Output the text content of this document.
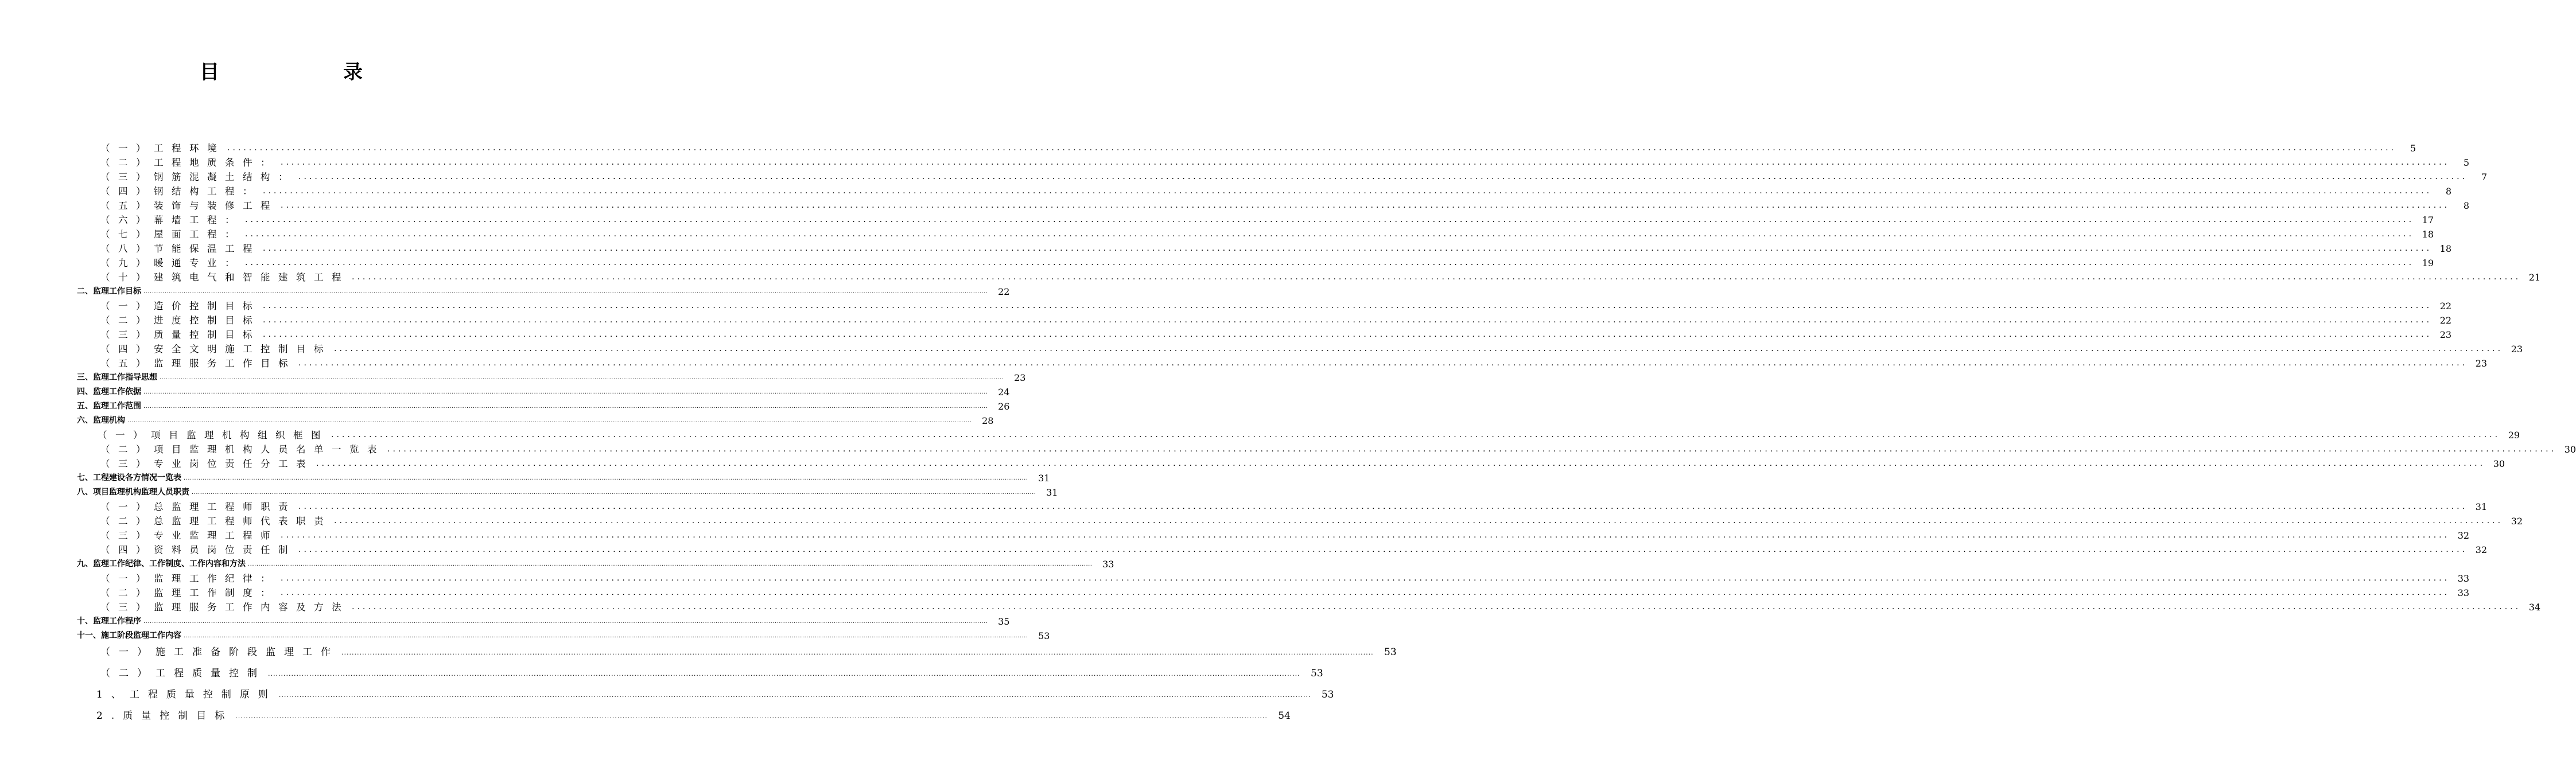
目	录
（一）工程环境 ................................................................................................................................................................................................................................................................................................................................................................................................................	5
（二）工程地质条件： ................................................................................................................................................................................................................................................................................................................................................................................................................	5
（三）钢筋混凝土结构： ................................................................................................................................................................................................................................................................................................................................................................................................................	7
（四）钢结构工程： ................................................................................................................................................................................................................................................................................................................................................................................................................	8
（五）装饰与装修工程 ................................................................................................................................................................................................................................................................................................................................................................................................................	8
（六）幕墙工程： ................................................................................................................................................................................................................................................................................................................................................................................................................ 17
（七）屋面工程： ................................................................................................................................................................................................................................................................................................................................................................................................................ 18
（八）节能保温工程 ................................................................................................................................................................................................................................................................................................................................................................................................................ 18
（九）暖通专业： ................................................................................................................................................................................................................................................................................................................................................................................................................ 19
（十）建筑电气和智能建筑工程 ................................................................................................................................................................................................................................................................................................................................................................................................................ 21
二、监理工作目标 ................................................................................................................................................................................................................................................................................................................................................................................................................	22
（一）造价控制目标 ................................................................................................................................................................................................................................................................................................................................................................................................................ 22
（二）进度控制目标 ................................................................................................................................................................................................................................................................................................................................................................................................................ 22
（三）质量控制目标 ................................................................................................................................................................................................................................................................................................................................................................................................................ 23
（四）安全文明施工控制目标 ................................................................................................................................................................................................................................................................................................................................................................................................................ 23
（五）监理服务工作目标 ................................................................................................................................................................................................................................................................................................................................................................................................................ 23
三、监理工作指导思想 ................................................................................................................................................................................................................................................................................................................................................................................................................	23
四、监理工作依据 ................................................................................................................................................................................................................................................................................................................................................................................................................	24
五、监理工作范围 ................................................................................................................................................................................................................................................................................................................................................................................................................	26
六、监理机构 ................................................................................................................................................................................................................................................................................................................................................................................................................	28
（一）项目监理机构组织框图 ................................................................................................................................................................................................................................................................................................................................................................................................................ 29
（二）项目监理机构人员名单一览表 ................................................................................................................................................................................................................................................................................................................................................................................................................ 30
（三）专业岗位责任分工表 ................................................................................................................................................................................................................................................................................................................................................................................................................ 30
七、工程建设各方情况一览表 ................................................................................................................................................................................................................................................................................................................................................................................................................	31
八、项目监理机构监理人员职责 ................................................................................................................................................................................................................................................................................................................................................................................................................	31
（一）总监理工程师职责 ................................................................................................................................................................................................................................................................................................................................................................................................................ 31
（二）总监理工程师代表职责 ................................................................................................................................................................................................................................................................................................................................................................................................................ 32
（三）专业监理工程师 ................................................................................................................................................................................................................................................................................................................................................................................................................ 32
（四）资料员岗位责任制 ................................................................................................................................................................................................................................................................................................................................................................................................................ 32
九、监理工作纪律、工作制度、工作内容和方法 ................................................................................................................................................................................................................................................................................................................................................................................................................	33
（一）监理工作纪律： ................................................................................................................................................................................................................................................................................................................................................................................................................ 33
（二）监理工作制度： ................................................................................................................................................................................................................................................................................................................................................................................................................ 33
（三）监理服务工作内容及方法 ................................................................................................................................................................................................................................................................................................................................................................................................................ 34
十、监理工作程序 ................................................................................................................................................................................................................................................................................................................................................................................................................	35
十一、施工阶段监理工作内容 ................................................................................................................................................................................................................................................................................................................................................................................................................	53
（一）施工准备阶段监理工作 ................................................................................................................................................................................................................................................................................................................................................................................................................	53
（二）工程质量控制 ................................................................................................................................................................................................................................................................................................................................................................................................................	53
1、工程质量控制原则 ................................................................................................................................................................................................................................................................................................................................................................................................................	53
2.质量控制目标 ................................................................................................................................................................................................................................................................................................................................................................................................................	54
